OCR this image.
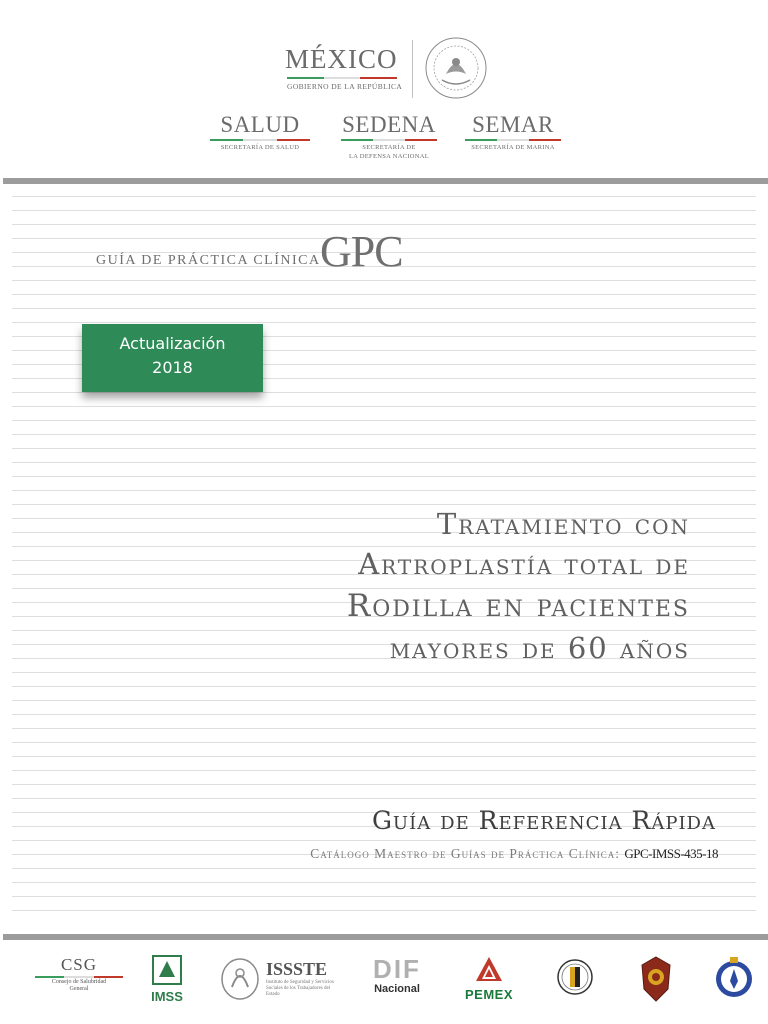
MÉXICO
GOBIERNO DE LA REPÚBLICA
SALUD
SECRETARÍA DE SALUD
SEDENA
SECRETARÍA DE
LA DEFENSA NACIONAL
SEMAR
SECRETARÍA DE MARINA
GUÍA DE PRÁCTICA CLÍNICA GPC
Actualización
2018
Tratamiento con
Artroplastía total de
Rodilla en pacientes
mayores de 60 años
Guía de Referencia Rápida
Catálogo Maestro de Guías de Práctica Clínica: GPC-IMSS-435-18
CSG
Consejo de Salubridad
General	IMSS
ISSSTE
Instituto de Seguridad y Servicios Sociales de los Trabajadores del Estado
DIF
Nacional	PEMEX
